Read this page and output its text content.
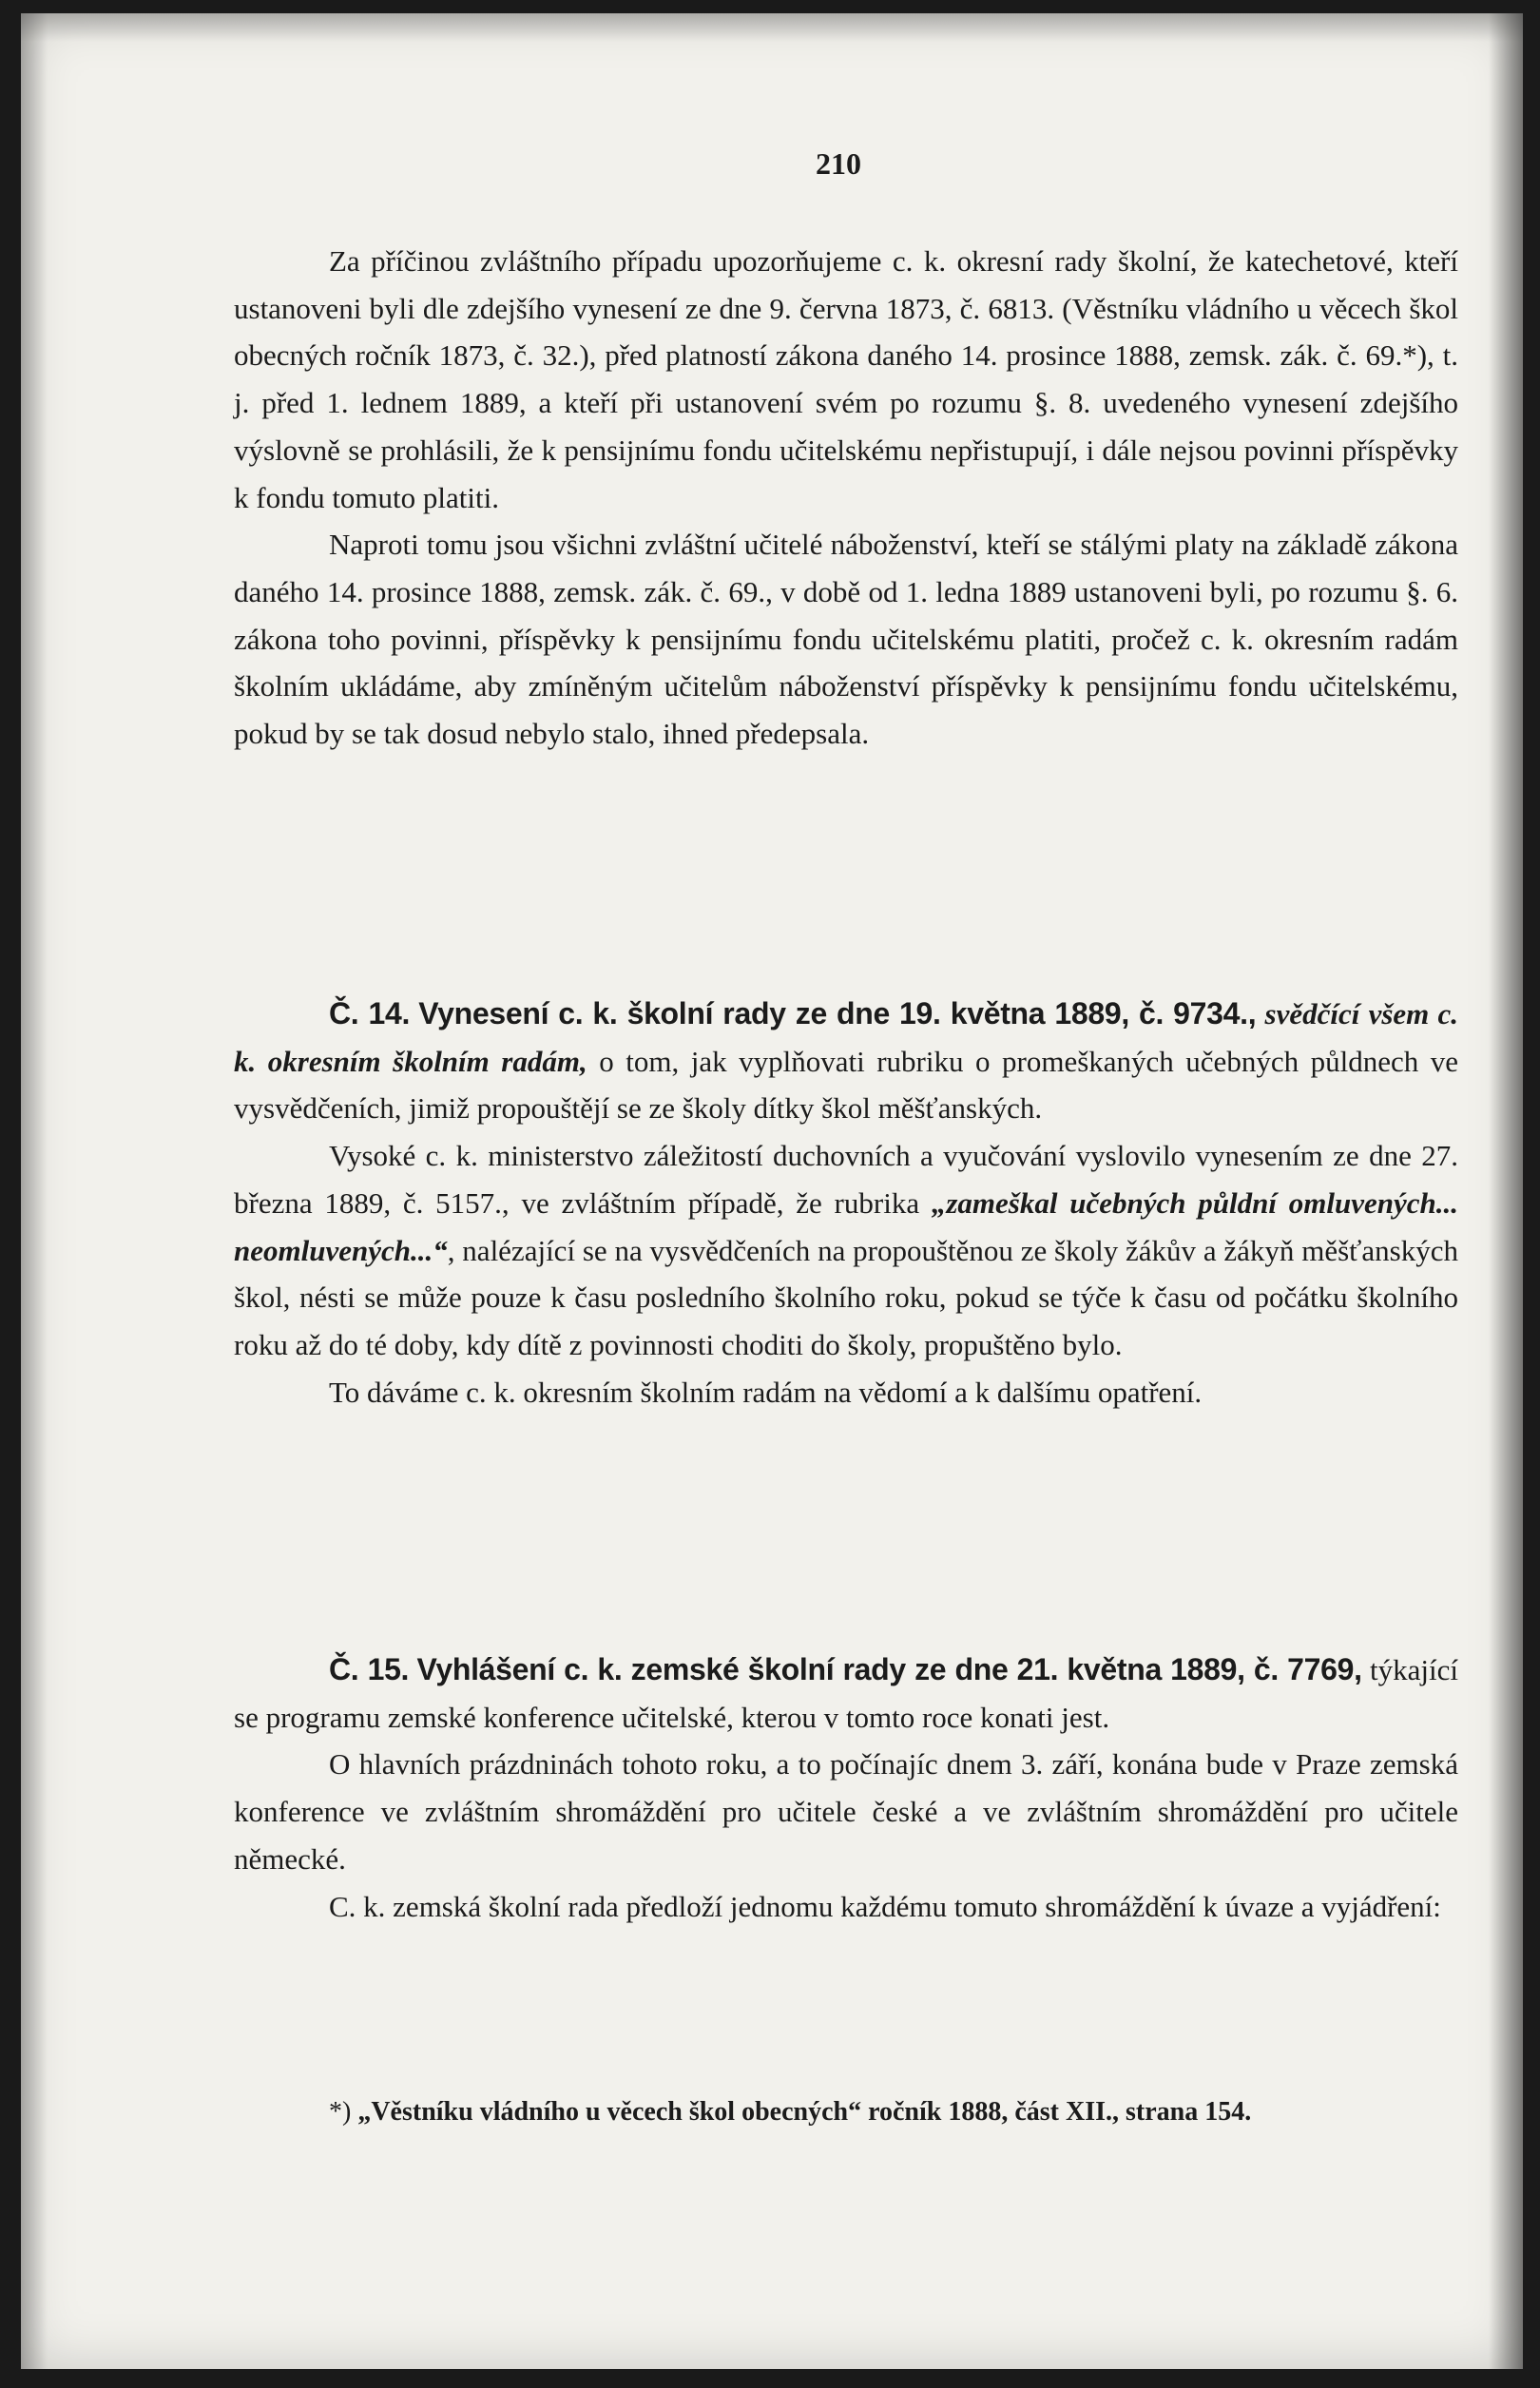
210

Za příčinou zvláštního případu upozorňujeme c. k. okresní rady školní, že katechetové, kteří ustanoveni byli dle zdejšího vynesení ze dne 9. června 1873, č. 6813. (Věstníku vládního u věcech škol obecných ročník 1873, č. 32.), před platností zákona daného 14. prosince 1888, zemsk. zák. č. 69.*), t. j. před 1. lednem 1889, a kteří při ustanovení svém po rozumu §. 8. uvedeného vynesení zdejšího výslovně se prohlásili, že k pensijnímu fondu učitelskému nepřistupují, i dále nejsou povinni příspěvky k fondu tomuto platiti.

Naproti tomu jsou všichni zvláštní učitelé náboženství, kteří se stálými platy na základě zákona daného 14. prosince 1888, zemsk. zák. č. 69., v době od 1. ledna 1889 ustanoveni byli, po rozumu §. 6. zákona toho povinni, příspěvky k pensijnímu fondu učitelskému platiti, pročež c. k. okresním radám školním ukládáme, aby zmíněným učitelům náboženství příspěvky k pensijnímu fondu učitelskému, pokud by se tak dosud nebylo stalo, ihned předepsala.

Č. 14. Vynesení c. k. školní rady ze dne 19. května 1889, č. 9734., svědčící všem c. k. okresním školním radám, o tom, jak vyplňovati rubriku o promeškaných učebných půldnech ve vysvědčeních, jimiž propouštějí se ze školy dítky škol měšťanských.

Vysoké c. k. ministerstvo záležitostí duchovních a vyučování vyslovilo vynesením ze dne 27. března 1889, č. 5157., ve zvláštním případě, že rubrika „zameškal učebných půldní omluvených... neomluvených...“, nalézající se na vysvědčeních na propouštěnou ze školy žákův a žákyň měšťanských škol, nésti se může pouze k času posledního školního roku, pokud se týče k času od počátku školního roku až do té doby, kdy dítě z povinnosti choditi do školy, propuštěno bylo.

To dáváme c. k. okresním školním radám na vědomí a k dalšímu opatření.

Č. 15. Vyhlášení c. k. zemské školní rady ze dne 21. května 1889, č. 7769, týkající se programu zemské konference učitelské, kterou v tomto roce konati jest.

O hlavních prázdninách tohoto roku, a to počínajíc dnem 3. září, konána bude v Praze zemská konference ve zvláštním shromáždění pro učitele české a ve zvláštním shromáždění pro učitele německé.

C. k. zemská školní rada předloží jednomu každému tomuto shromáždění k úvaze a vyjádření:

*) „Věstníku vládního u věcech škol obecných“ ročník 1888, část XII., strana 154.
